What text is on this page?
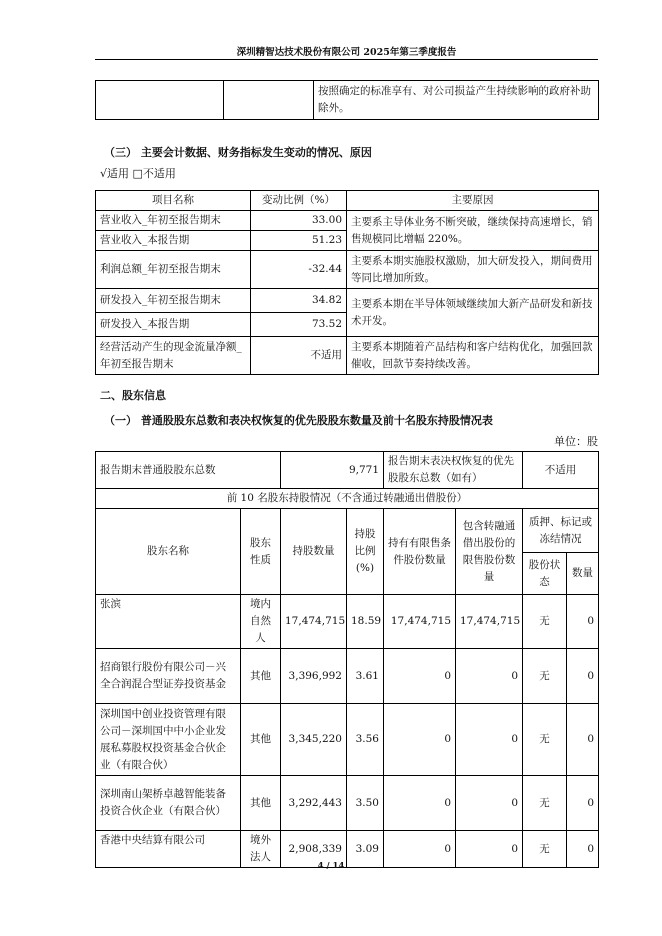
深圳精智达技术股份有限公司 2025年第三季度报告
		按照确定的标准享有、对公司损益产生持续影响的政府补助除外。
（三） 主要会计数据、财务指标发生变动的情况、原因
√适用 □不适用
项目名称	变动比例（%）	主要原因
营业收入_年初至报告期末	33.00	主要系主导体业务不断突破，继续保持高速增长，销售规模同比增幅 220%。
营业收入_本报告期	51.23	
利润总额_年初至报告期末	-32.44	主要系本期实施股权激励，加大研发投入，期间费用等同比增加所致。
研发投入_年初至报告期末	34.82	主要系本期在半导体领域继续加大新产品研发和新技术开发。
研发投入_本报告期	73.52	
经营活动产生的现金流量净额_年初至报告期末	不适用	主要系本期随着产品结构和客户结构优化，加强回款催收，回款节奏持续改善。
二、股东信息
（一） 普通股股东总数和表决权恢复的优先股股东数量及前十名股东持股情况表
单位：股
报告期末普通股股东总数		9,771		报告期末表决权恢复的优先股股东总数（如有）		不适用	
前 10 名股东持股情况（不含通过转融通出借股份）							
股东名称	股东性质	持股数量	持股比例(%)	持有有限售条件股份数量	包含转融通借出股份的限售股份数量	质押、标记或冻结情况	
						股份状态	数量
张滨	境内自然人	17,474,715	18.59	17,474,715	17,474,715	无	0
招商银行股份有限公司－兴全合润混合型证券投资基金	其他	3,396,992	3.61	0	0	无	0
深圳国中创业投资管理有限公司－深圳国中中小企业发展私募股权投资基金合伙企业（有限合伙）	其他	3,345,220	3.56	0	0	无	0
深圳南山架桥卓越智能装备投资合伙企业（有限合伙）	其他	3,292,443	3.50	0	0	无	0
香港中央结算有限公司	境外法人	2,908,339	3.09	0	0	无	0
4 / 14
